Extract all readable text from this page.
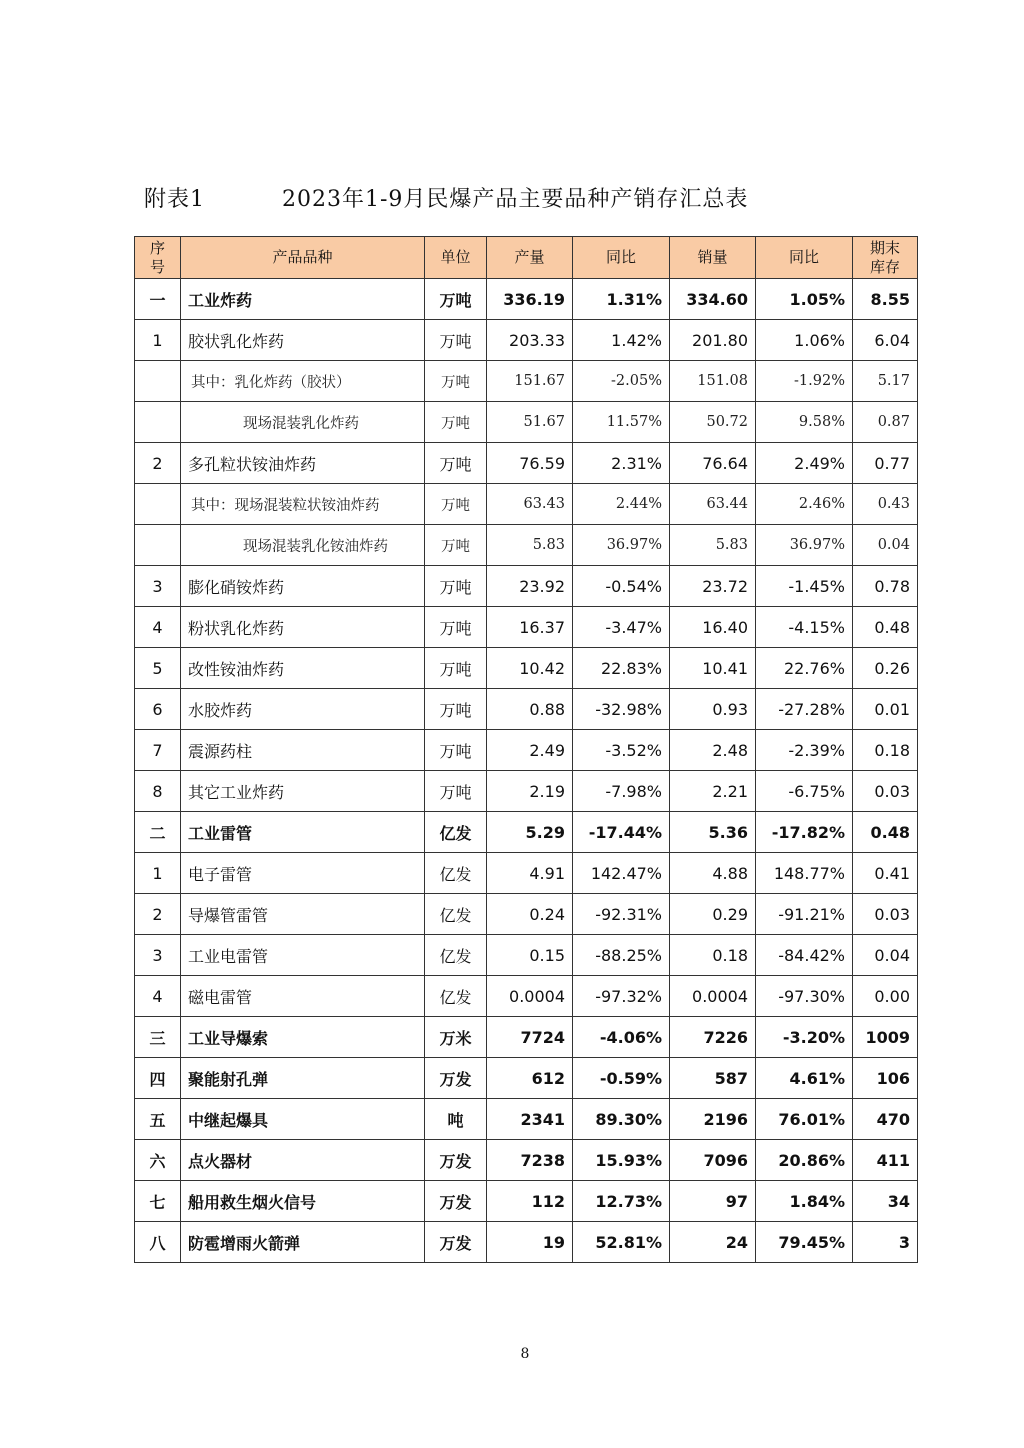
附表1	2023年1-9月民爆产品主要品种产销存汇总表
序号	产品品种	单位	产量	同比	销量	同比	期末库存
一	工业炸药	万吨	336.19	1.31%	334.60	1.05%	8.55
1	胶状乳化炸药	万吨	203.33	1.42%	201.80	1.06%	6.04
	其中：乳化炸药（胶状）	万吨	151.67	-2.05%	151.08	-1.92%	5.17
	现场混装乳化炸药	万吨	51.67	11.57%	50.72	9.58%	0.87
2	多孔粒状铵油炸药	万吨	76.59	2.31%	76.64	2.49%	0.77
	其中：现场混装粒状铵油炸药	万吨	63.43	2.44%	63.44	2.46%	0.43
	现场混装乳化铵油炸药	万吨	5.83	36.97%	5.83	36.97%	0.04
3	膨化硝铵炸药	万吨	23.92	-0.54%	23.72	-1.45%	0.78
4	粉状乳化炸药	万吨	16.37	-3.47%	16.40	-4.15%	0.48
5	改性铵油炸药	万吨	10.42	22.83%	10.41	22.76%	0.26
6	水胶炸药	万吨	0.88	-32.98%	0.93	-27.28%	0.01
7	震源药柱	万吨	2.49	-3.52%	2.48	-2.39%	0.18
8	其它工业炸药	万吨	2.19	-7.98%	2.21	-6.75%	0.03
二	工业雷管	亿发	5.29	-17.44%	5.36	-17.82%	0.48
1	电子雷管	亿发	4.91	142.47%	4.88	148.77%	0.41
2	导爆管雷管	亿发	0.24	-92.31%	0.29	-91.21%	0.03
3	工业电雷管	亿发	0.15	-88.25%	0.18	-84.42%	0.04
4	磁电雷管	亿发	0.0004	-97.32%	0.0004	-97.30%	0.00
三	工业导爆索	万米	7724	-4.06%	7226	-3.20%	1009
四	聚能射孔弹	万发	612	-0.59%	587	4.61%	106
五	中继起爆具	吨	2341	89.30%	2196	76.01%	470
六	点火器材	万发	7238	15.93%	7096	20.86%	411
七	船用救生烟火信号	万发	112	12.73%	97	1.84%	34
八	防雹增雨火箭弹	万发	19	52.81%	24	79.45%	3
8
